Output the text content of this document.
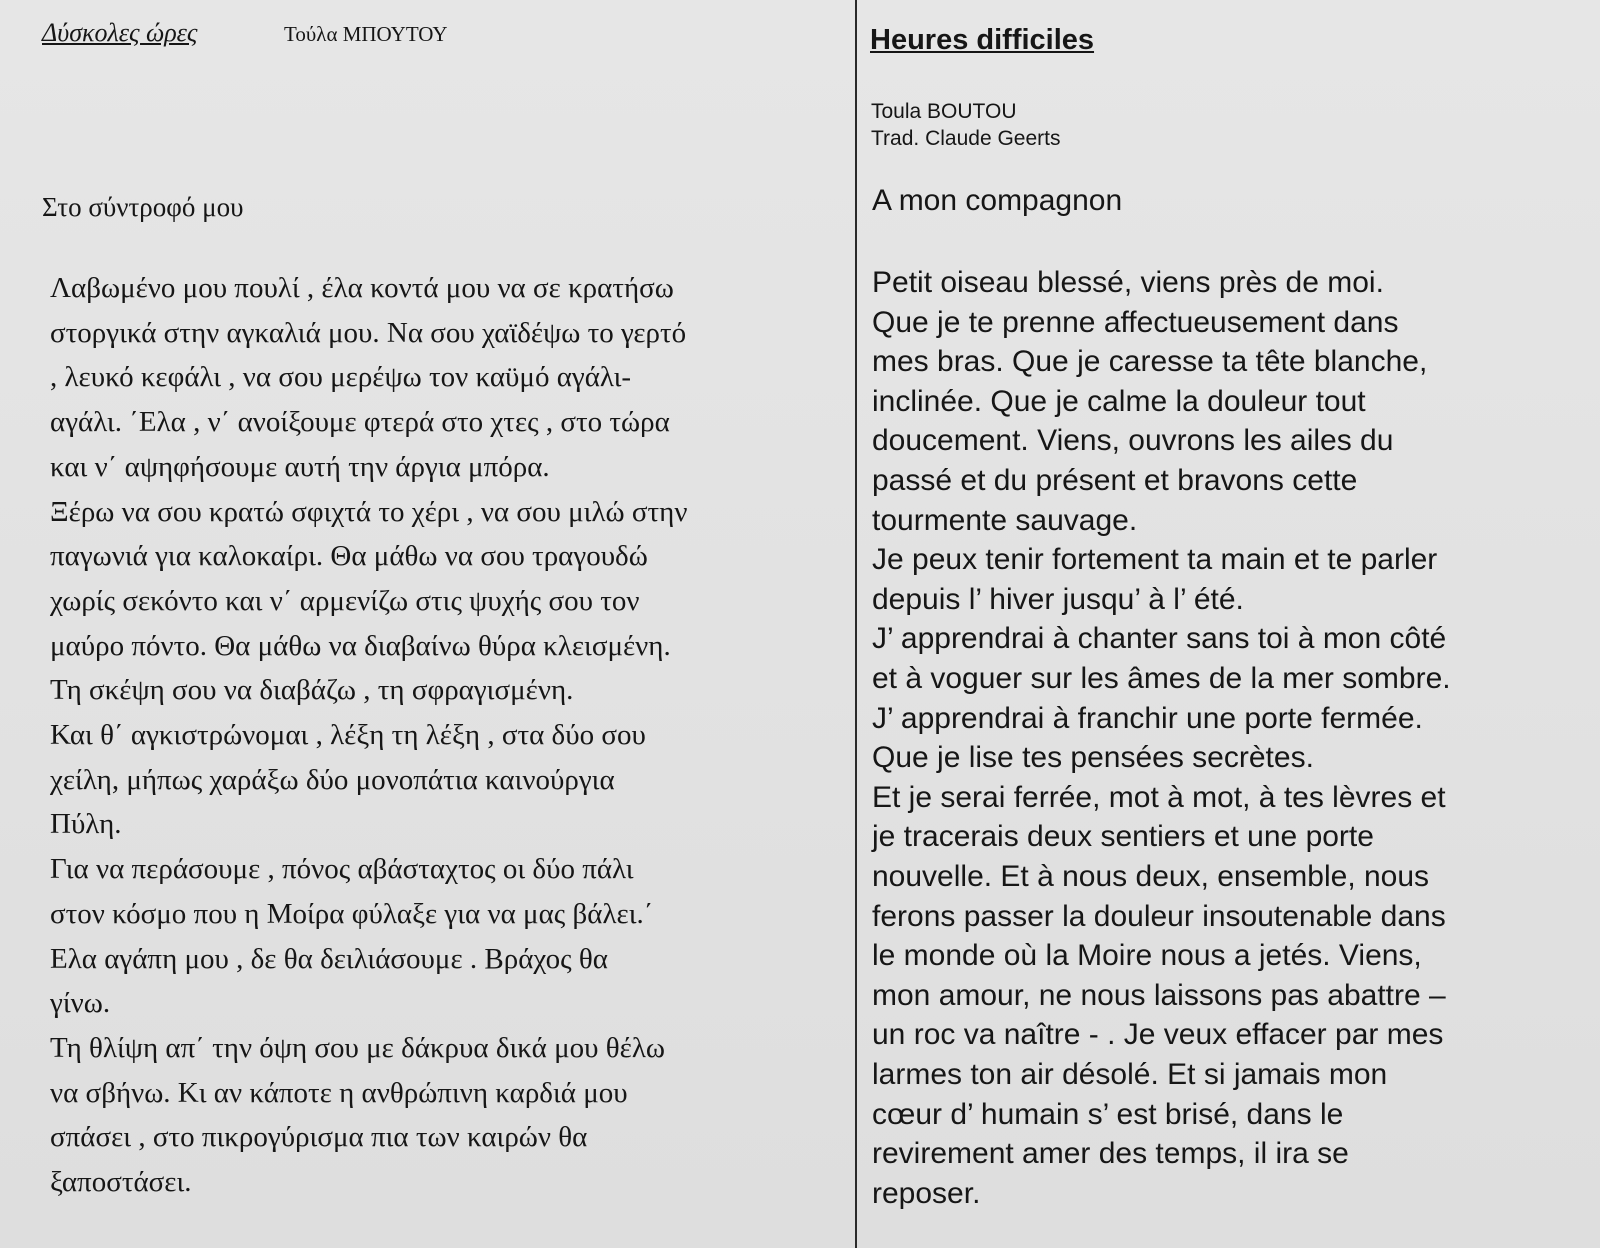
Δύσκολες ώρες	Τούλα ΜΠΟΥΤΟΥ	Heures difficiles
Toula BOUTOU
Trad. Claude Geerts

Στο σύντροφό μου

Λαβωμένο μου πουλί , έλα κοντά μου να σε κρατήσω

στοργικά στην αγκαλιά μου. Να σου χαϊδέψω το γερτό

, λευκό κεφάλι , να σου μερέψω τον καϋμό αγάλι-

αγάλι. ΄Ελα , ν΄ ανοίξουμε φτερά στο χτες , στο τώρα

και ν΄ αψηφήσουμε αυτή την άργια μπόρα.

Ξέρω να σου κρατώ σφιχτά το χέρι , να σου μιλώ στην

παγωνιά για καλοκαίρι. Θα μάθω να σου τραγουδώ

χωρίς σεκόντο και ν΄ αρμενίζω στις ψυχής σου τον

μαύρο πόντο. Θα μάθω να διαβαίνω θύρα κλεισμένη.

Τη σκέψη σου να διαβάζω , τη σφραγισμένη.

Και θ΄ αγκιστρώνομαι , λέξη τη λέξη , στα δύο σου

χείλη, μήπως χαράξω δύο μονοπάτια καινούργια

Πύλη.

Για να περάσουμε , πόνος αβάσταχτος οι δύο πάλι

στον κόσμο που η Μοίρα φύλαξε για να μας βάλει.΄

Ελα αγάπη μου , δε θα δειλιάσουμε . Βράχος θα

γίνω.

Τη θλίψη απ΄ την όψη σου με δάκρυα δικά μου θέλω

να σβήνω. Κι αν κάποτε η ανθρώπινη καρδιά μου

σπάσει , στο πικρογύρισμα πια των καιρών θα

ξαποστάσει.

A mon compagnon

Petit oiseau blessé, viens près de moi.

Que je te prenne affectueusement dans

mes bras. Que je caresse ta tête blanche,

inclinée. Que je calme la douleur tout

doucement. Viens, ouvrons les ailes du

passé et du présent et bravons cette

tourmente sauvage.

Je peux tenir fortement ta main et te parler

depuis l’ hiver jusqu’ à l’ été.

J’ apprendrai à chanter sans toi à mon côté

et à voguer sur les âmes de la mer sombre.

J’ apprendrai à franchir une porte fermée.

Que je lise tes pensées secrètes.

Et je serai ferrée, mot à mot, à tes lèvres et

je tracerais deux sentiers et une porte

nouvelle. Et à nous deux, ensemble, nous

ferons passer la douleur insoutenable dans

le monde où la Moire nous a jetés. Viens,

mon amour, ne nous laissons pas abattre –

un roc va naître - . Je veux effacer par mes

larmes ton air désolé. Et si jamais mon

cœur d’ humain s’ est brisé, dans le

revirement amer des temps, il ira se

reposer.
